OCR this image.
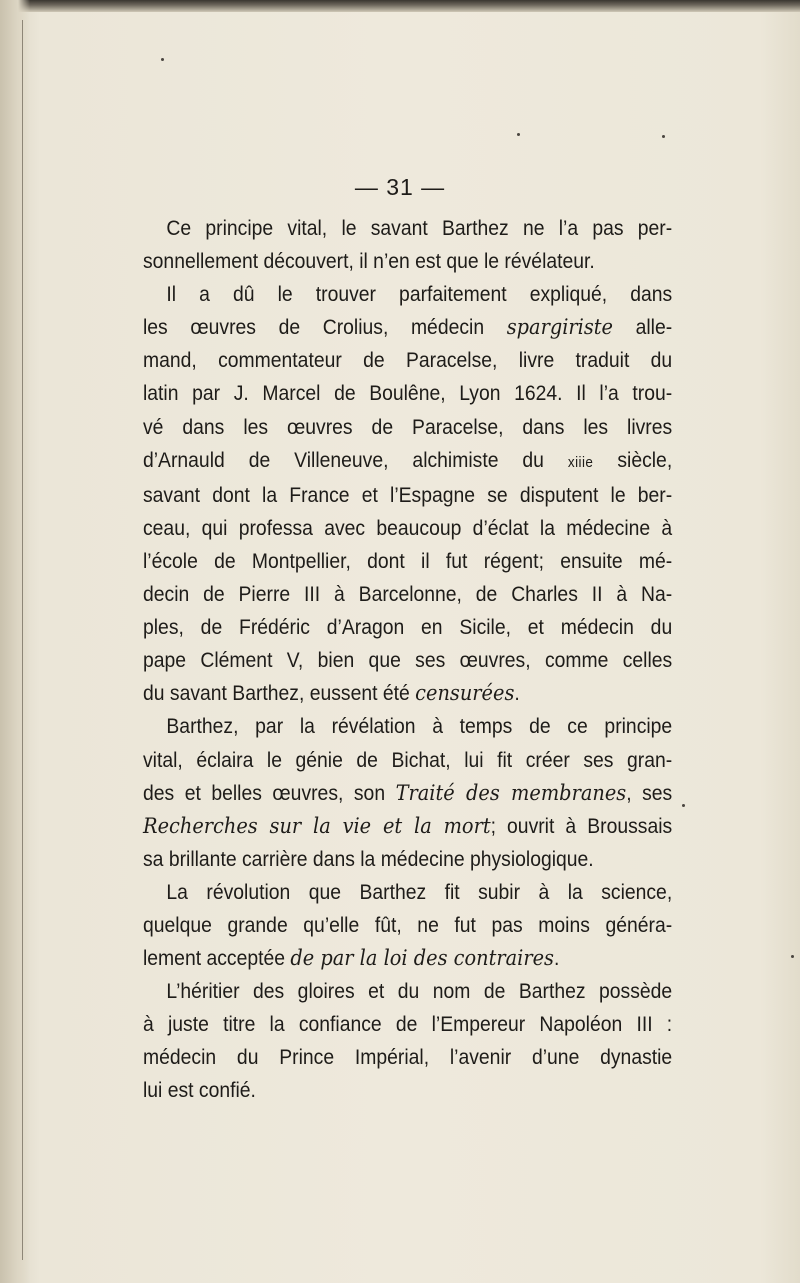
— 31 —
Ce principe vital, le savant Barthez ne l’a pas per-
sonnellement découvert, il n’en est que le révélateur.
Il a dû le trouver parfaitement expliqué, dans
les œuvres de Crolius, médecin spargiriste alle-
mand, commentateur de Paracelse, livre traduit du
latin par J. Marcel de Boulêne, Lyon 1624. Il l’a trou-
vé dans les œuvres de Paracelse, dans les livres
d’Arnauld de Villeneuve, alchimiste du xiiie siècle,
savant dont la France et l’Espagne se disputent le ber-
ceau, qui professa avec beaucoup d’éclat la médecine à
l’école de Montpellier, dont il fut régent; ensuite mé-
decin de Pierre III à Barcelonne, de Charles II à Na-
ples, de Frédéric d’Aragon en Sicile, et médecin du
pape Clément V, bien que ses œuvres, comme celles
du savant Barthez, eussent été censurées.
Barthez, par la révélation à temps de ce principe
vital, éclaira le génie de Bichat, lui fit créer ses gran-
des et belles œuvres, son Traité des membranes, ses
Recherches sur la vie et la mort; ouvrit à Broussais
sa brillante carrière dans la médecine physiologique.
La révolution que Barthez fit subir à la science,
quelque grande qu’elle fût, ne fut pas moins généra-
lement acceptée de par la loi des contraires.
L’héritier des gloires et du nom de Barthez possède
à juste titre la confiance de l’Empereur Napoléon III :
médecin du Prince Impérial, l’avenir d’une dynastie
lui est confié.
